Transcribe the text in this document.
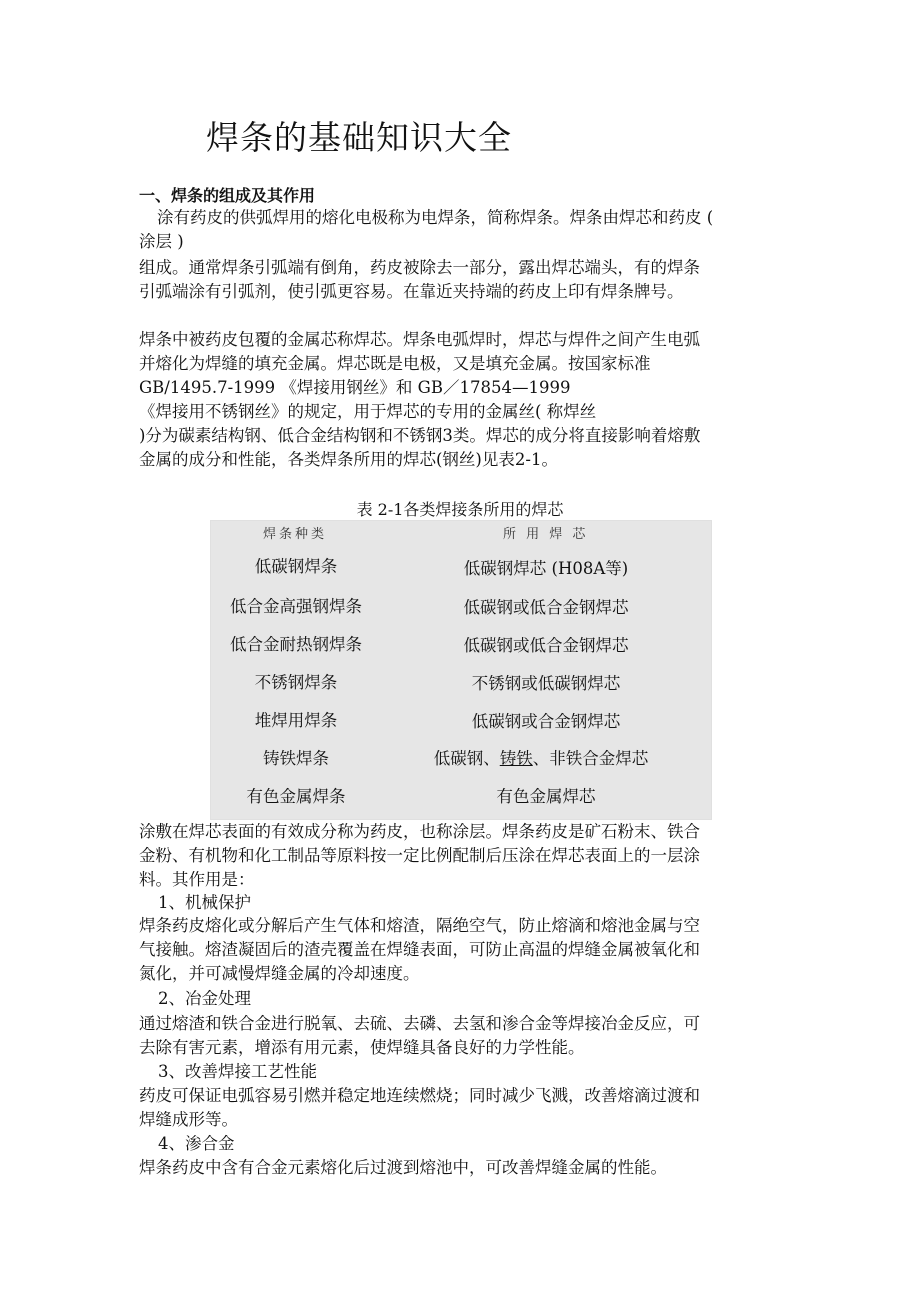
焊条的基础知识大全
一、焊条的组成及其作用

涂有药皮的供弧焊用的熔化电极称为电焊条，简称焊条。焊条由焊芯和药皮 (

涂层 )

组成。通常焊条引弧端有倒角，药皮被除去一部分，露出焊芯端头，有的焊条

引弧端涂有引弧剂，使引弧更容易。在靠近夹持端的药皮上印有焊条牌号。

焊条中被药皮包覆的金属芯称焊芯。焊条电弧焊时，焊芯与焊件之间产生电弧

并熔化为焊缝的填充金属。焊芯既是电极，又是填充金属。按国家标准

GB/1495.7-1999 《焊接用钢丝》和 GB／17854—1999

《焊接用不锈钢丝》的规定，用于焊芯的专用的金属丝( 称焊丝

)分为碳素结构钢、低合金结构钢和不锈钢3类。焊芯的成分将直接影响着熔敷

金属的成分和性能，各类焊条所用的焊芯(钢丝)见表2-1。

表 2-1各类焊接条所用的焊芯

焊条种类	所 用 焊 芯
低碳钢焊条	低碳钢焊芯 (H08A等)
低合金高强钢焊条	低碳钢或低合金钢焊芯
低合金耐热钢焊条	低碳钢或低合金钢焊芯
不锈钢焊条	不锈钢或低碳钢焊芯
堆焊用焊条	低碳钢或合金钢焊芯
铸铁焊条	低碳钢、铸铁、非铁合金焊芯
有色金属焊条	有色金属焊芯

涂敷在焊芯表面的有效成分称为药皮，也称涂层。焊条药皮是矿石粉末、铁合

金粉、有机物和化工制品等原料按一定比例配制后压涂在焊芯表面上的一层涂

料。其作用是：

1、机械保护

焊条药皮熔化或分解后产生气体和熔渣，隔绝空气，防止熔滴和熔池金属与空

气接触。熔渣凝固后的渣壳覆盖在焊缝表面，可防止高温的焊缝金属被氧化和

氮化，并可减慢焊缝金属的冷却速度。

2、冶金处理

通过熔渣和铁合金进行脱氧、去硫、去磷、去氢和渗合金等焊接冶金反应，可

去除有害元素，增添有用元素，使焊缝具备良好的力学性能。

3、改善焊接工艺性能

药皮可保证电弧容易引燃并稳定地连续燃烧；同时减少飞溅，改善熔滴过渡和

焊缝成形等。

4、渗合金

焊条药皮中含有合金元素熔化后过渡到熔池中，可改善焊缝金属的性能。
